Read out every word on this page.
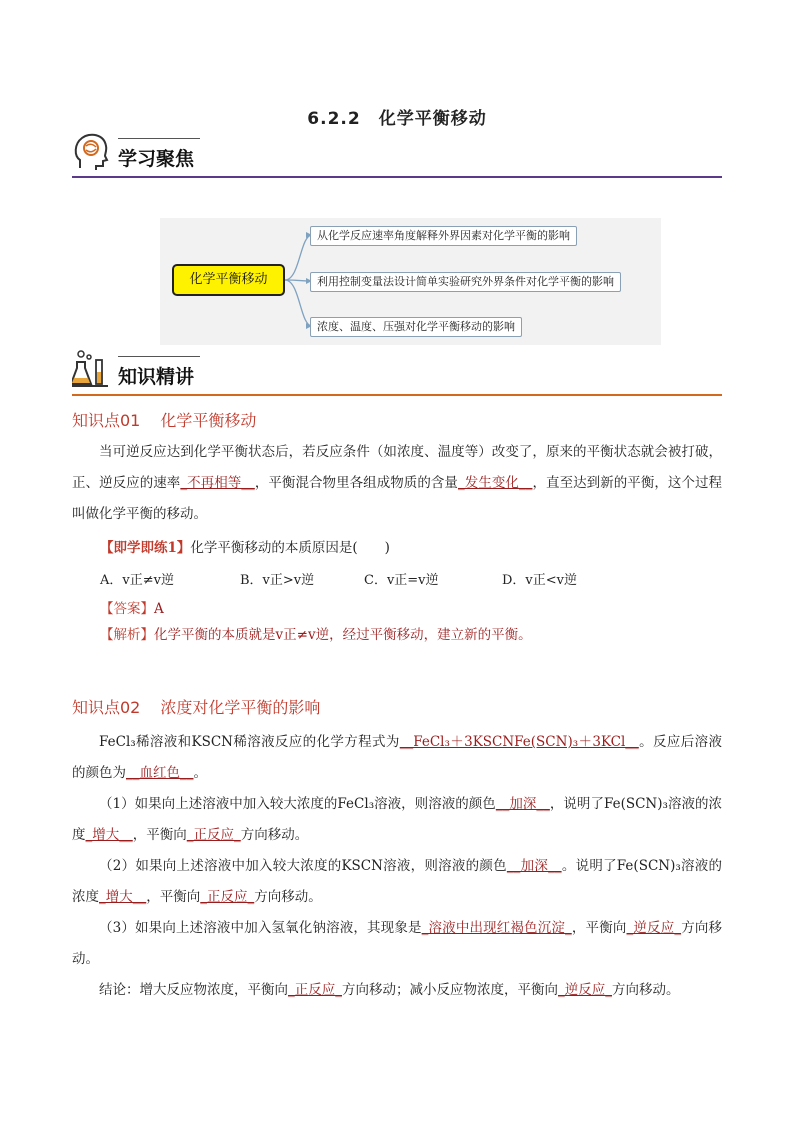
6.2.2　化学平衡移动
学习聚焦
化学平衡移动
从化学反应速率角度解释外界因素对化学平衡的影响
利用控制变量法设计简单实验研究外界条件对化学平衡的影响
浓度、温度、压强对化学平衡移动的影响
知识精讲
知识点01 化学平衡移动
当可逆反应达到化学平衡状态后，若反应条件（如浓度、温度等）改变了，原来的平衡状态就会被打破，正、逆反应的速率_不再相等__，平衡混合物里各组成物质的含量_发生变化__，直至达到新的平衡，这个过程叫做化学平衡的移动。
【即学即练1】化学平衡移动的本质原因是(　　)
A．v正≠v逆	B．v正>v逆	C．v正=v逆	D．v正<v逆
【答案】A
【解析】化学平衡的本质就是v正≠v逆，经过平衡移动，建立新的平衡。
知识点02 浓度对化学平衡的影响
FeCl₃稀溶液和KSCN稀溶液反应的化学方程式为__FeCl₃＋3KSCNFe(SCN)₃＋3KCl__。反应后溶液的颜色为__血红色__。
（1）如果向上述溶液中加入较大浓度的FeCl₃溶液，则溶液的颜色__加深__，说明了Fe(SCN)₃溶液的浓度_增大__，平衡向_正反应_方向移动。
（2）如果向上述溶液中加入较大浓度的KSCN溶液，则溶液的颜色__加深__。说明了Fe(SCN)₃溶液的浓度_增大__，平衡向_正反应_方向移动。
（3）如果向上述溶液中加入氢氧化钠溶液，其现象是_溶液中出现红褐色沉淀_，平衡向_逆反应_方向移动。
结论：增大反应物浓度，平衡向_正反应_方向移动；减小反应物浓度，平衡向_逆反应_方向移动。
